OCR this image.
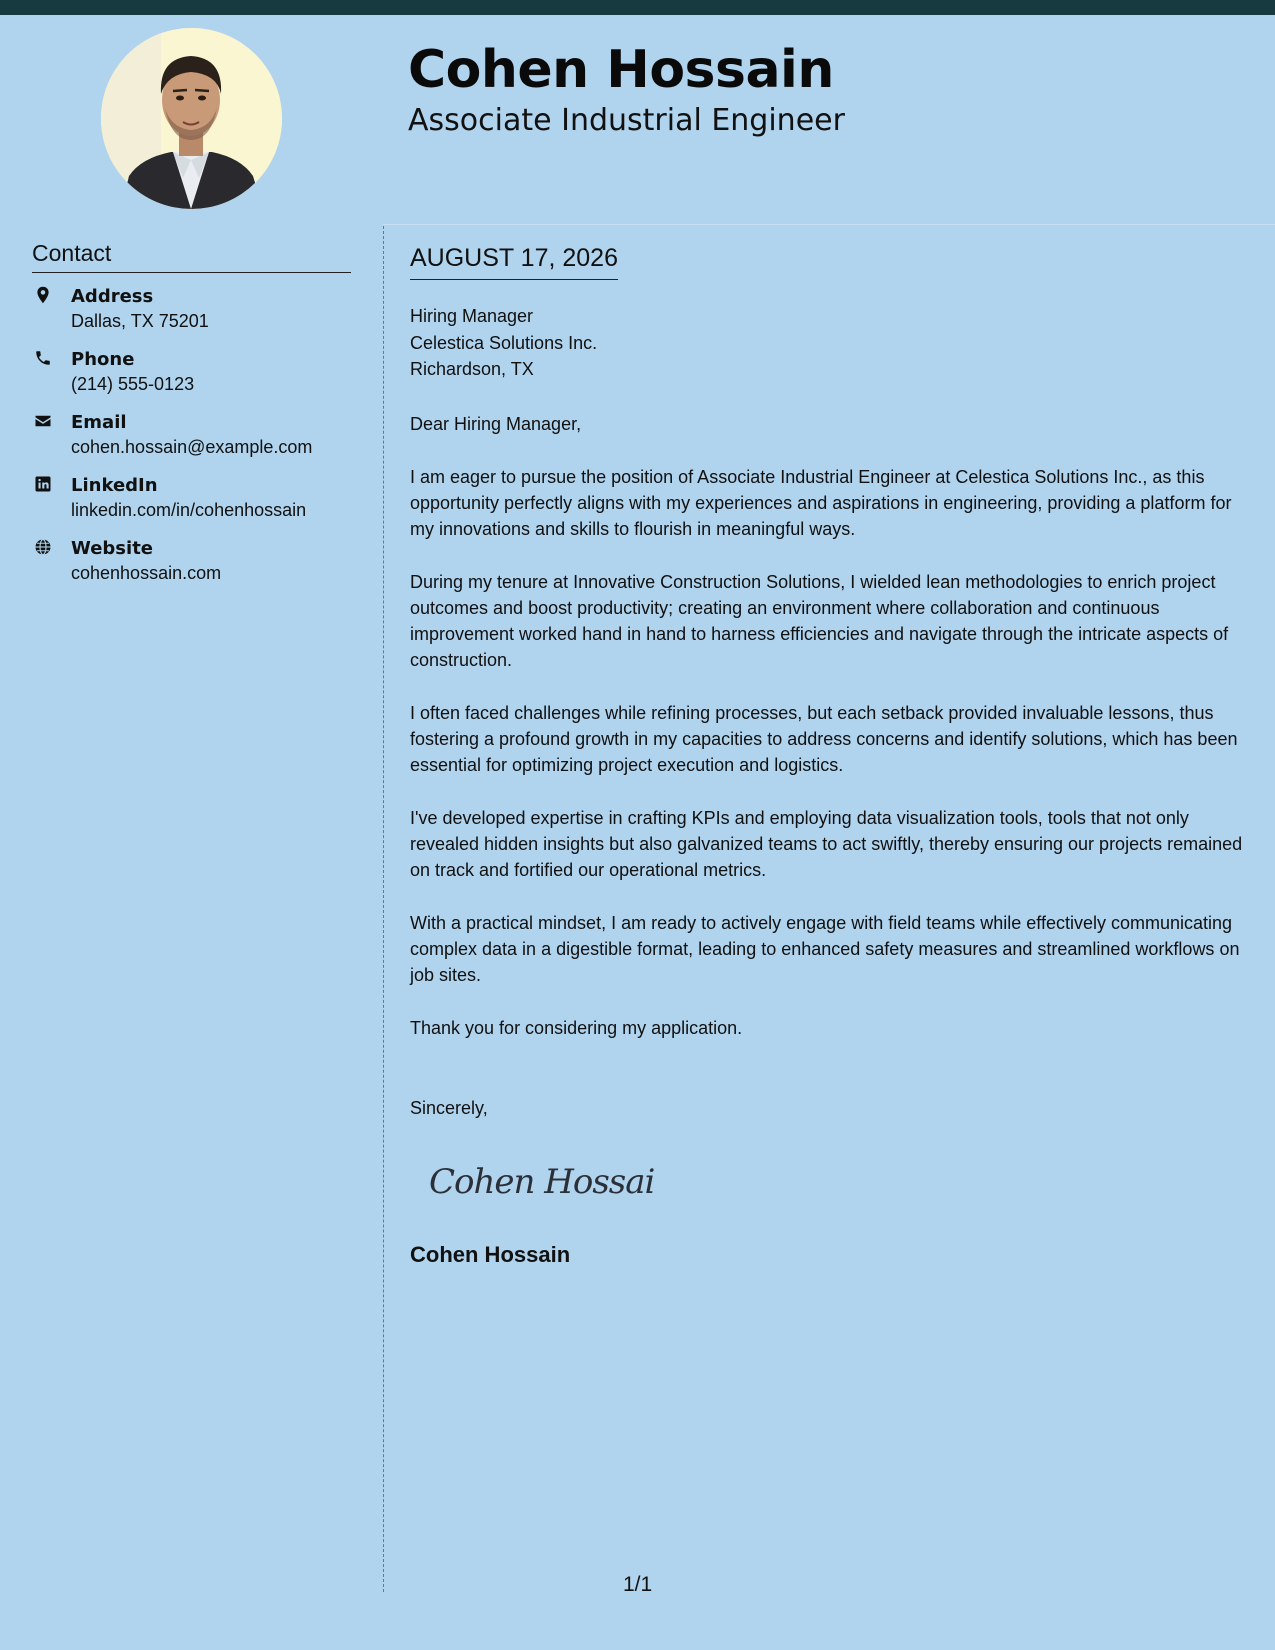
Cohen Hossain
Associate Industrial Engineer
Contact
Address
Dallas, TX 75201
Phone
(214) 555-0123
Email
cohen.hossain@example.com
LinkedIn
linkedin.com/in/cohenhossain
Website
cohenhossain.com
AUGUST 17, 2026
Hiring Manager
Celestica Solutions Inc.
Richardson, TX

Dear Hiring Manager,

I am eager to pursue the position of Associate Industrial Engineer at Celestica Solutions Inc., as this opportunity perfectly aligns with my experiences and aspirations in engineering, providing a platform for my innovations and skills to flourish in meaningful ways.

During my tenure at Innovative Construction Solutions, I wielded lean methodologies to enrich project outcomes and boost productivity; creating an environment where collaboration and continuous improvement worked hand in hand to harness efficiencies and navigate through the intricate aspects of construction.

I often faced challenges while refining processes, but each setback provided invaluable lessons, thus fostering a profound growth in my capacities to address concerns and identify solutions, which has been essential for optimizing project execution and logistics.

I've developed expertise in crafting KPIs and employing data visualization tools, tools that not only revealed hidden insights but also galvanized teams to act swiftly, thereby ensuring our projects remained on track and fortified our operational metrics.

With a practical mindset, I am ready to actively engage with field teams while effectively communicating complex data in a digestible format, leading to enhanced safety measures and streamlined workflows on job sites.

Thank you for considering my application.

Sincerely,
Cohen Hossain
Cohen Hossain
1/1
